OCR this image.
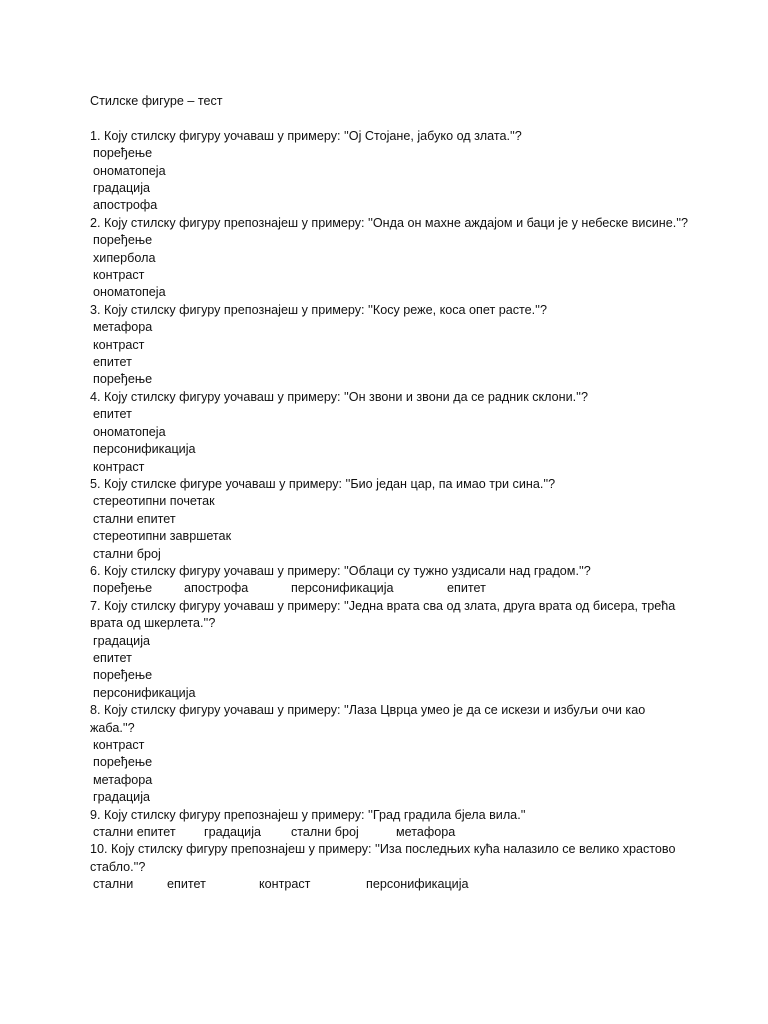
Стилске фигуре – тест

1. Коју стилску фигуру уочаваш у примеру: ''Ој Стојане, јабуко од злата.''?

поређење

ономатопеја

градација

апострофа

2. Коју стилску фигуру препознајеш у примеру: ''Онда он махне аждајом и баци је у небеске висине.''?

поређење

хипербола

контраст

ономатопеја

3. Коју стилску фигуру препознајеш у примеру: ''Косу реже, коса опет расте.''?

метафора

контраст

епитет

поређење

4. Коју стилску фигуру уочаваш у примеру: ''Он звони и звони да се радник склони.''?

епитет

ономатопеја

персонификација

контраст

5. Коју стилске фигуре уочаваш у примеру: ''Био један цар, па имао три сина.''?

стереотипни почетак

стални епитет

стереотипни завршетак

стални број

6. Коју стилску фигуру уочаваш у примеру: ''Облаци су тужно уздисали над градом.''?

поређење	апострофа	персонификација	епитет

7. Коју стилску фигуру уочаваш у примеру: ''Једна врата сва од злата, друга врата од бисера, трећа врата од шкерлета.''?

градација

епитет

поређење

персонификација

8. Коју стилску фигуру уочаваш у примеру: ''Лаза Цврца умео је да се искези и избуљи очи као жаба.''?

контраст

поређење

метафора

градација

9. Коју стилску фигуру препознајеш у примеру: ''Град градила бјела вила.''

стални епитет градација стални број	метафора

10. Коју стилску фигуру препознајеш у примеру: ''Иза последњих кућа налазило се велико храстово стабло.''?

стални	епитет	контраст	персонификација
